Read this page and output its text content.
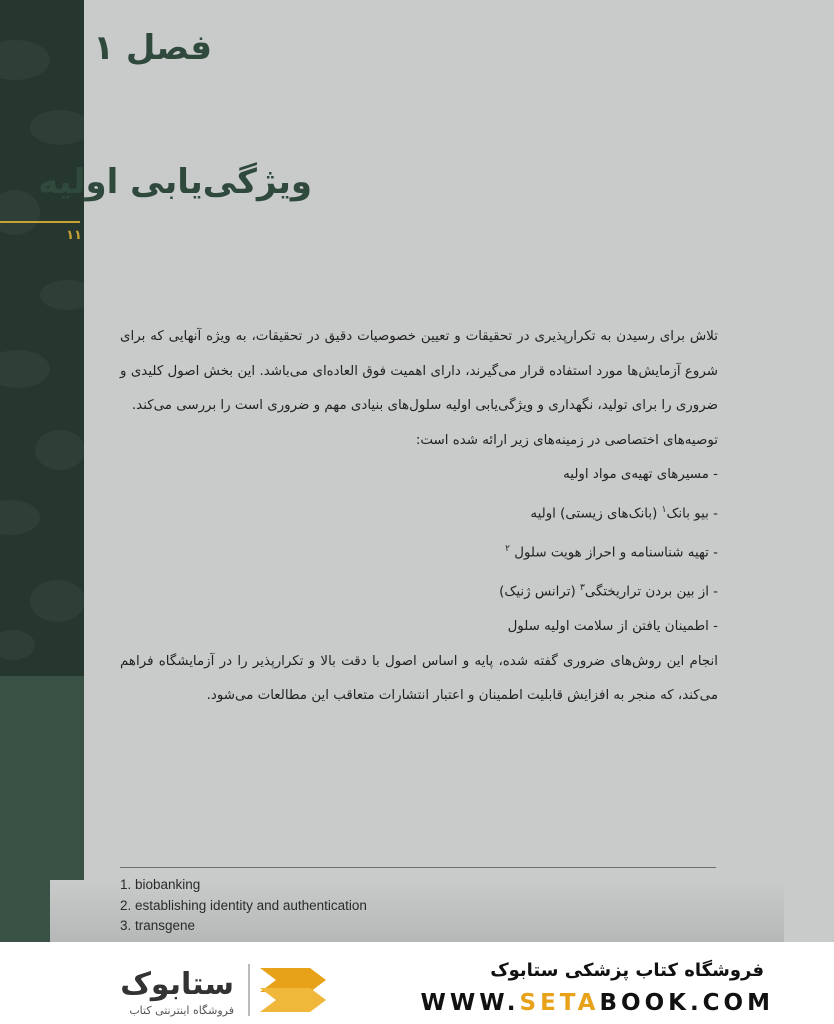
فصل ۱
ویژگی‌یابی اولیه
۱۱

تلاش برای رسیدن به تکرارپذیری در تحقیقات و تعیین خصوصیات دقیق در تحقیقات، به ویژه آنهایی که برای شروع آزمایش‌ها مورد استفاده قرار می‌گیرند، دارای اهمیت فوق العاده‌ای می‌باشد. این بخش اصول کلیدی و ضروری را برای تولید، نگهداری و ویژگی‌یابی اولیه سلول‌های بنیادی مهم و ضروری است را بررسی می‌کند.

توصیه‌های اختصاصی در زمینه‌های زیر ارائه شده است:

- مسیرهای تهیه‌ی مواد اولیه

- بیو بانک$^۱$ (بانک‌های زیستی) اولیه

- تهیه شناسنامه و احراز هویت سلول $^۲$

- از بین بردن تراریختگی$^۳$ (ترانس ژنیک)

- اطمینان یافتن از سلامت اولیه سلول

انجام این روش‌های ضروری گفته شده، پایه و اساس اصول با دقت بالا و تکرارپذیر را در آزمایشگاه فراهم می‌کند، که منجر به افزایش قابلیت اطمینان و اعتبار انتشارات متعاقب این مطالعات می‌شود.

1. biobanking
2. establishing identity and authentication
3. transgene
فروشگاه کتاب پزشکی ستابوک
WWW.SETABOOK.COM
ستابوک
فروشگاه اینترنتی کتاب
